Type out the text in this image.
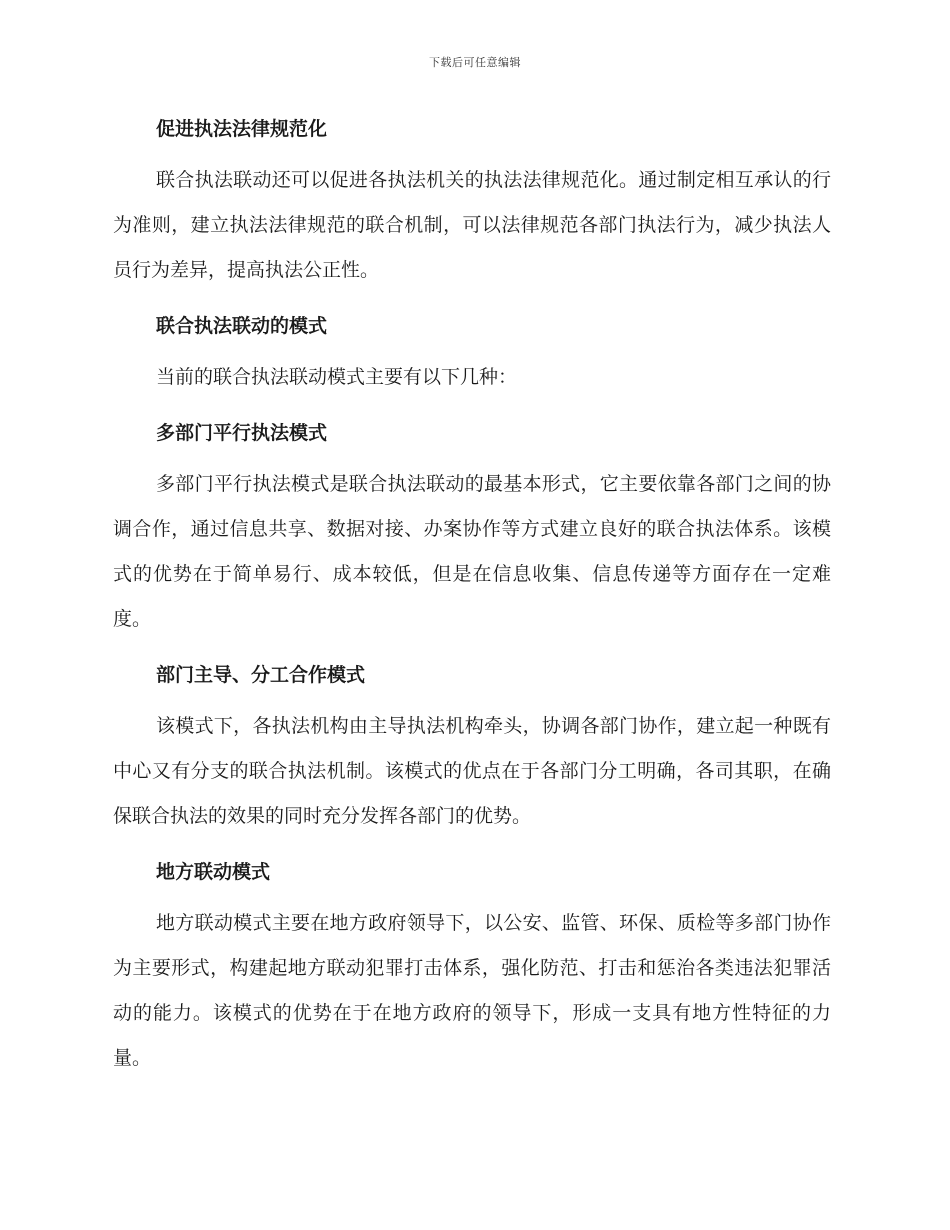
下载后可任意编辑
促进执法法律规范化

联合执法联动还可以促进各执法机关的执法法律规范化。通过制定相互承认的行为准则，建立执法法律规范的联合机制，可以法律规范各部门执法行为，减少执法人员行为差异，提高执法公正性。

联合执法联动的模式

当前的联合执法联动模式主要有以下几种：

多部门平行执法模式

多部门平行执法模式是联合执法联动的最基本形式，它主要依靠各部门之间的协调合作，通过信息共享、数据对接、办案协作等方式建立良好的联合执法体系。该模式的优势在于简单易行、成本较低，但是在信息收集、信息传递等方面存在一定难度。

部门主导、分工合作模式

该模式下，各执法机构由主导执法机构牵头，协调各部门协作，建立起一种既有中心又有分支的联合执法机制。该模式的优点在于各部门分工明确，各司其职，在确保联合执法的效果的同时充分发挥各部门的优势。

地方联动模式

地方联动模式主要在地方政府领导下，以公安、监管、环保、质检等多部门协作为主要形式，构建起地方联动犯罪打击体系，强化防范、打击和惩治各类违法犯罪活动的能力。该模式的优势在于在地方政府的领导下，形成一支具有地方性特征的力量。
